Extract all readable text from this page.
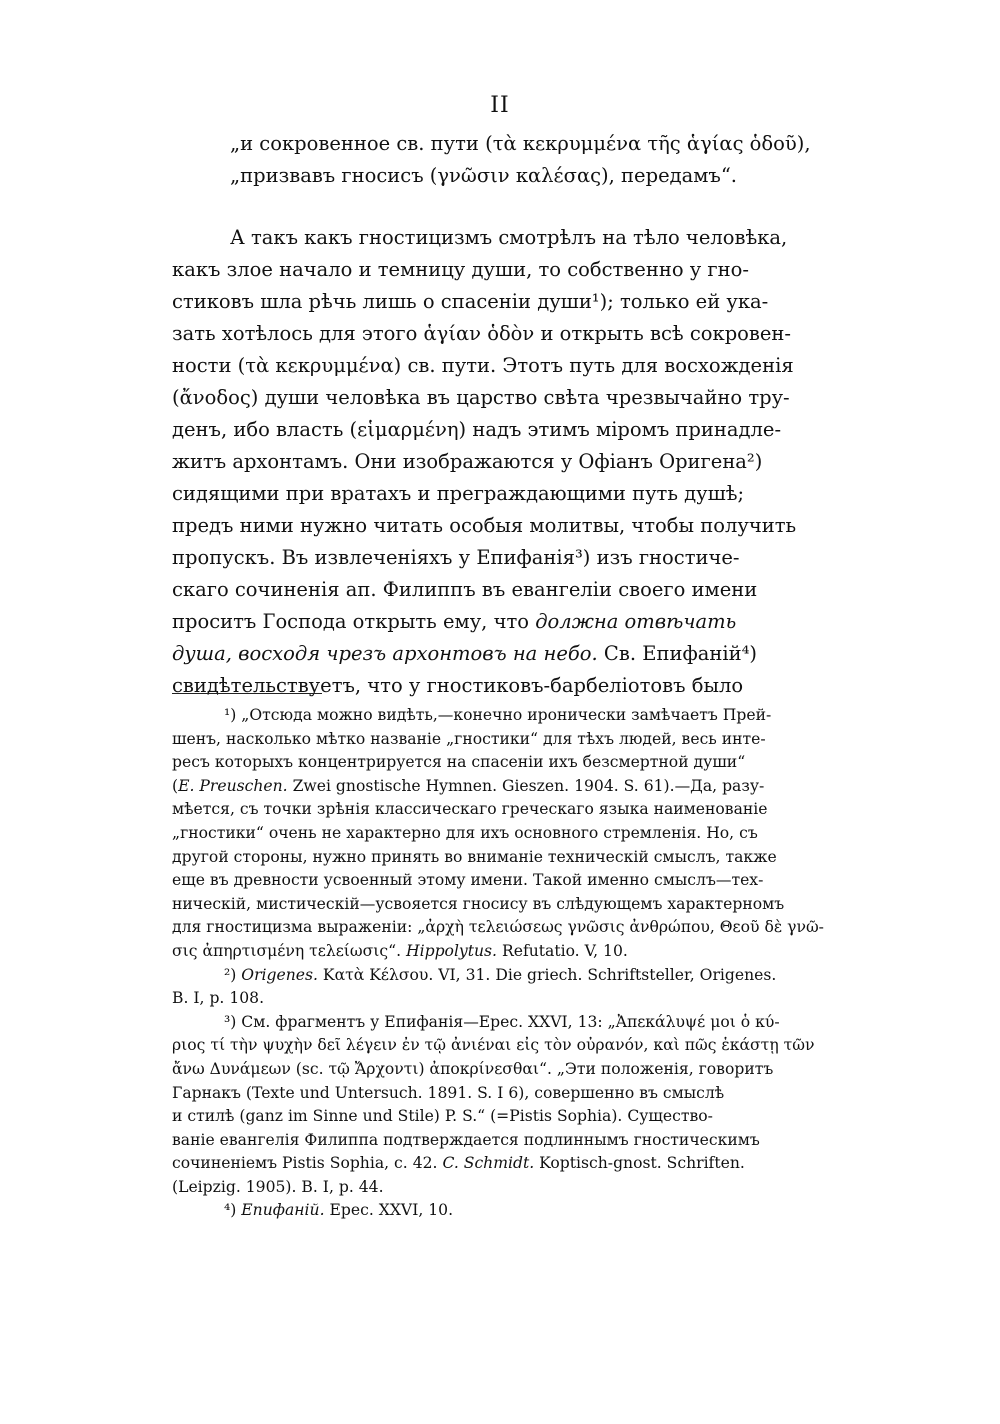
II
„и сокровенное св. пути (τὰ κεκρυμμένα τῆς ἁγίας ὁδοῦ),
„призвавъ гносисъ (γνῶσιν καλέσας), передамъ“.
А такъ какъ гностицизмъ смотрѣлъ на тѣло человѣка,
какъ злое начало и темницу души, то собственно у гно-
стиковъ шла рѣчь лишь о спасеніи души¹); только ей ука-
зать хотѣлось для этого ἁγίαν ὁδὸν и открыть всѣ сокровен-
ности (τὰ κεκρυμμένα) св. пути. Этотъ путь для восхожденія
(ἄνοδος) души человѣка въ царство свѣта чрезвычайно тру-
денъ, ибо власть (εἱμαρμένη) надъ этимъ міромъ принадле-
житъ архонтамъ. Они изображаются у Офіанъ Оригена²)
сидящими при вратахъ и преграждающими путь душѣ;
предъ ними нужно читать особыя молитвы, чтобы получить
пропускъ. Въ извлеченіяхъ у Епифанія³) изъ гностиче-
скаго сочиненія ап. Филиппъ въ евангеліи своего имени
проситъ Господа открыть ему, что должна отвѣчать
душа, восходя чрезъ архонтовъ на небо. Св. Епифаній⁴)
свидѣтельствуетъ, что у гностиковъ-барбеліотовъ было
¹) „Отсюда можно видѣть,—конечно иронически замѣчаетъ Прей-
шенъ, насколько мѣтко названіе „гностики“ для тѣхъ людей, весь инте-
ресъ которыхъ концентрируется на спасеніи ихъ безсмертной души“
(E. Preuschen. Zwei gnostische Hymnen. Gieszen. 1904. S. 61).—Да, разу-
мѣется, съ точки зрѣнія классическаго греческаго языка наименованіе
„гностики“ очень не характерно для ихъ основного стремленія. Но, съ
другой стороны, нужно принять во вниманіе техническій смыслъ, также
еще въ древности усвоенный этому имени. Такой именно смыслъ—тех-
ническій, мистическій—усвояется гносису въ слѣдующемъ характерномъ
для гностицизма выраженіи: „ἀρχὴ τελειώσεως γνῶσις ἀνθρώπου, Θεοῦ δὲ γνῶ-
σις ἀπηρτισμένη τελείωσις“. Hippolytus. Refutatio. V, 10.
²) Origenes. Κατὰ Κέλσου. VI, 31. Die griech. Schriftsteller, Origenes.
B. I, p. 108.
³) См. фрагментъ у Епифанія—Ерес. XXVI, 13: „Ἀπεκάλυψέ μοι ὁ κύ-
ριος τί τὴν ψυχὴν δεῖ λέγειν ἐν τῷ ἀνιέναι εἰς τὸν οὐρανόν, καὶ πῶς ἑκάστῃ τῶν
ἄνω Δυνάμεων (sc. τῷ Ἄρχοντι) ἀποκρίνεσθαι“. „Эти положенія, говоритъ
Гарнакъ (Texte und Untersuch. 1891. S. I 6), совершенно въ смыслѣ
и стилѣ (ganz im Sinne und Stile) P. S.“ (=Pistis Sophia). Существо-
ваніе евангелія Филиппа подтверждается подлиннымъ гностическимъ
сочиненіемъ Pistis Sophia, c. 42. C. Schmidt. Koptisch-gnost. Schriften.
(Leipzig. 1905). B. I, p. 44.
⁴) Епифаній. Ерес. XXVI, 10.
